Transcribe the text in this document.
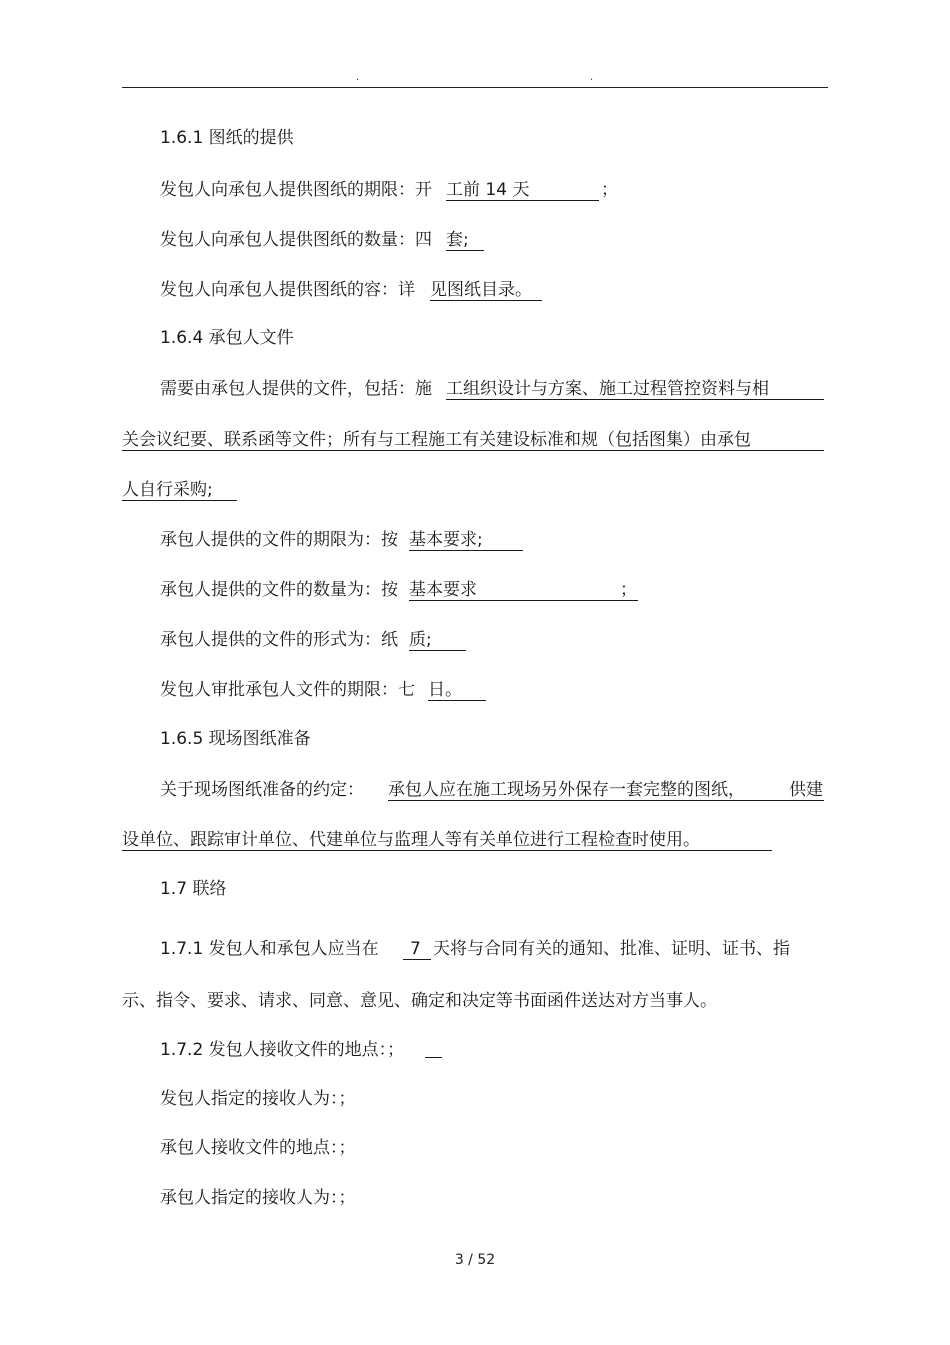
.	.
1.6.1 图纸的提供
发包人向承包人提供图纸的期限：开 工前 14 天	；
发包人向承包人提供图纸的数量：四 套;
发包人向承包人提供图纸的容：详 见图纸目录。
1.6.4 承包人文件
需要由承包人提供的文件，包括：施 工组织设计与方案、施工过程管控资料与相
关会议纪要、联系函等文件；所有与工程施工有关建设标准和规（包括图集）由承包
人自行采购;
承包人提供的文件的期限为：按 基本要求;
承包人提供的文件的数量为：按 基本要求	；
承包人提供的文件的形式为：纸 质;
发包人审批承包人文件的期限：七 日。
1.6.5 现场图纸准备
关于现场图纸准备的约定： 承包人应在施工现场另外保存一套完整的图纸，	供建
设单位、跟踪审计单位、代建单位与监理人等有关单位进行工程检查时使用。
1.7 联络
1.7.1 发包人和承包人应当在 7 天将与合同有关的通知、批准、证明、证书、指
示、指令、要求、请求、同意、意见、确定和决定等书面函件送达对方当事人。
1.7.2 发包人接收文件的地点：；
发包人指定的接收人为：；
承包人接收文件的地点：；
承包人指定的接收人为：；
3 / 52
